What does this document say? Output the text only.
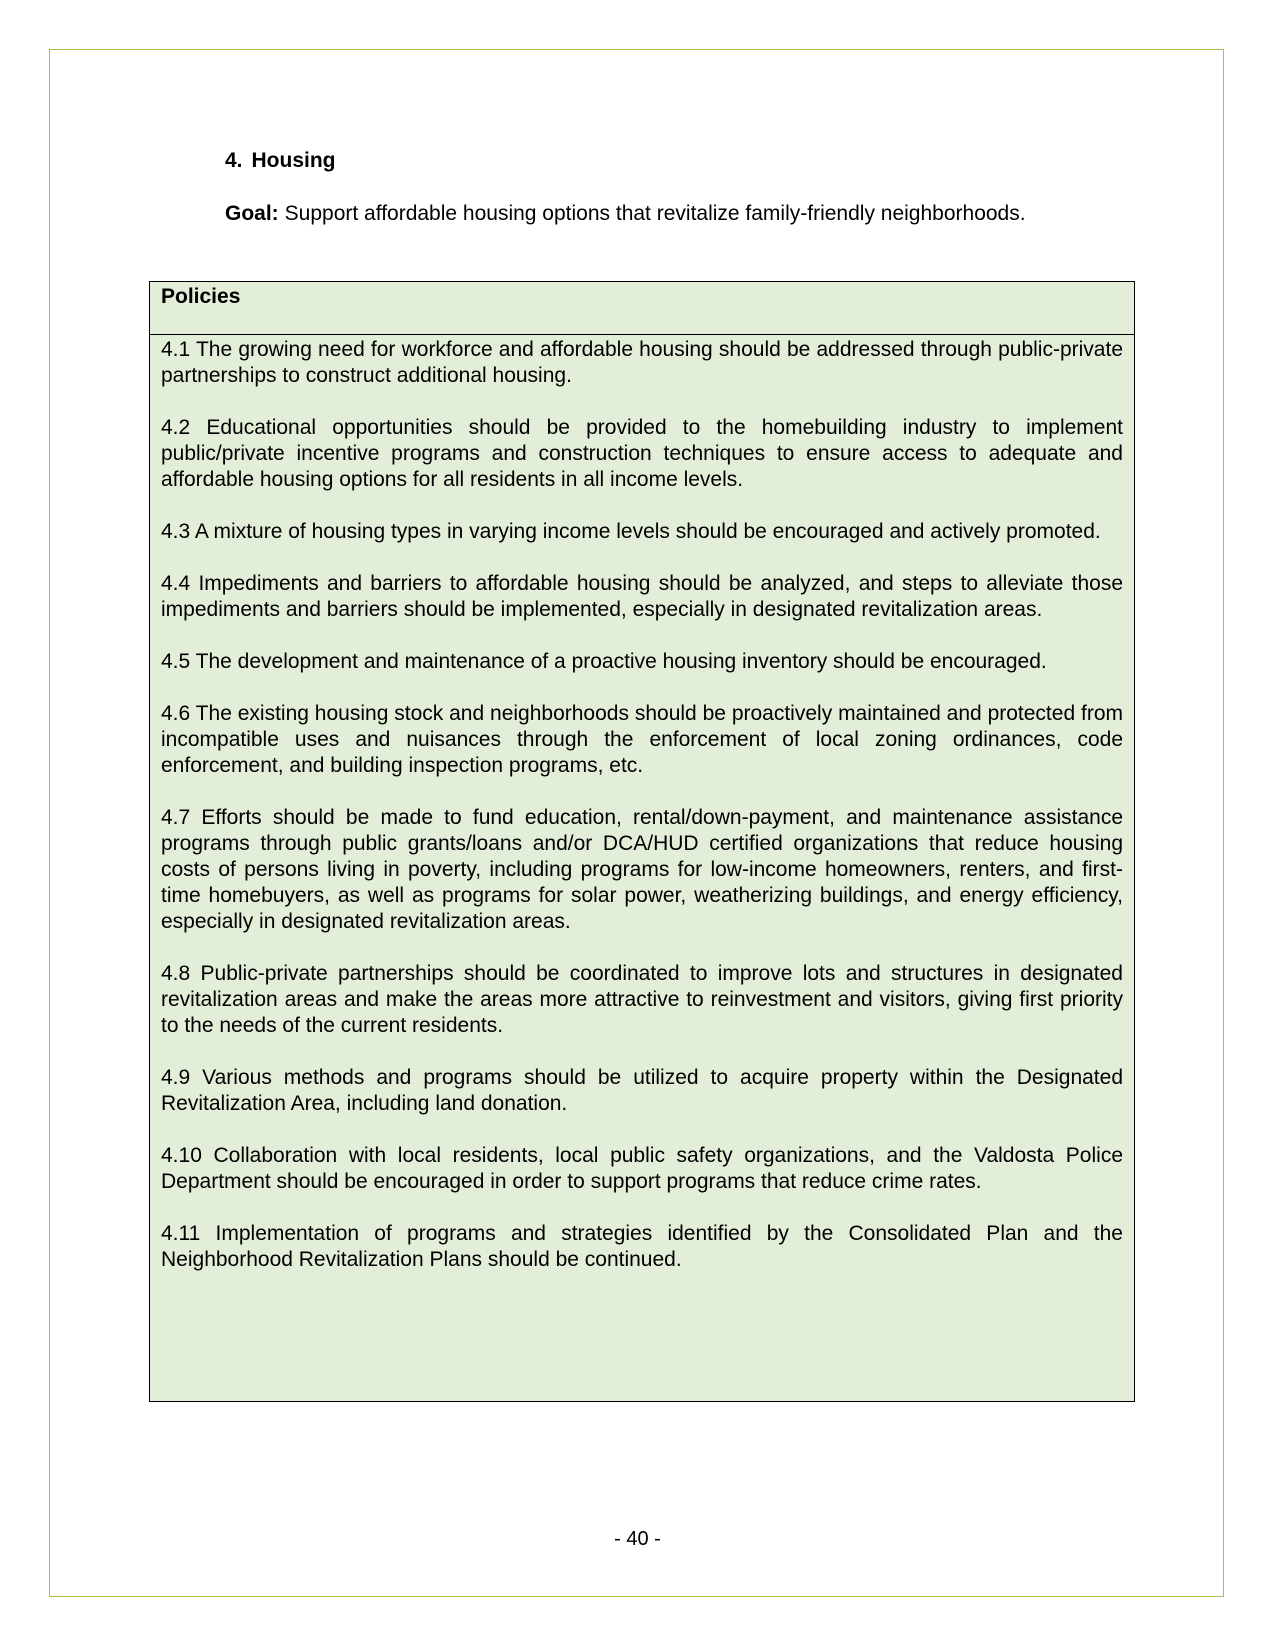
4. Housing
Goal: Support affordable housing options that revitalize family-friendly neighborhoods.
Policies

4.1 The growing need for workforce and affordable housing should be addressed through public-private partnerships to construct additional housing.

4.2 Educational opportunities should be provided to the homebuilding industry to implement public/private incentive programs and construction techniques to ensure access to adequate and affordable housing options for all residents in all income levels.

4.3 A mixture of housing types in varying income levels should be encouraged and actively promoted.

4.4 Impediments and barriers to affordable housing should be analyzed, and steps to alleviate those impediments and barriers should be implemented, especially in designated revitalization areas.

4.5 The development and maintenance of a proactive housing inventory should be encouraged.

4.6 The existing housing stock and neighborhoods should be proactively maintained and protected from incompatible uses and nuisances through the enforcement of local zoning ordinances, code enforcement, and building inspection programs, etc.

4.7 Efforts should be made to fund education, rental/down-payment, and maintenance assistance programs through public grants/loans and/or DCA/HUD certified organizations that reduce housing costs of persons living in poverty, including programs for low-income homeowners, renters, and first-time homebuyers, as well as programs for solar power, weatherizing buildings, and energy efficiency, especially in designated revitalization areas.

4.8 Public-private partnerships should be coordinated to improve lots and structures in designated revitalization areas and make the areas more attractive to reinvestment and visitors, giving first priority to the needs of the current residents.

4.9 Various methods and programs should be utilized to acquire property within the Designated Revitalization Area, including land donation.

4.10 Collaboration with local residents, local public safety organizations, and the Valdosta Police Department should be encouraged in order to support programs that reduce crime rates.

4.11 Implementation of programs and strategies identified by the Consolidated Plan and the Neighborhood Revitalization Plans should be continued.

- 40 -
